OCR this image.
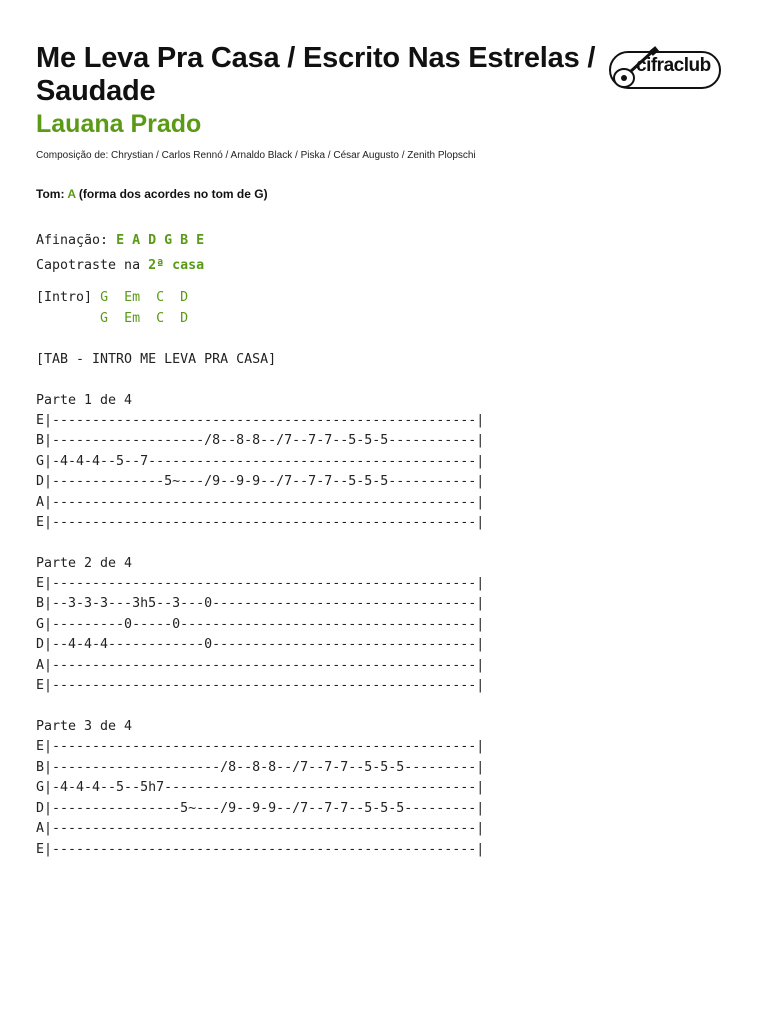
Me Leva Pra Casa / Escrito Nas Estrelas / Saudade
cifraclub
Lauana Prado
Composição de: Chrystian / Carlos Rennó / Arnaldo Black / Piska / César Augusto / Zenith Plopschi
Tom: A (forma dos acordes no tom de G)
Afinação: E A D G B E
Capotraste na 2ª casa
[Intro] G Em C D
G Em C D
[TAB - INTRO ME LEVA PRA CASA]
Parte 1 de 4
E|-----------------------------------------------------|
B|-------------------/8--8-8--/7--7-7--5-5-5-----------|
G|-4-4-4--5--7-----------------------------------------|
D|--------------5~---/9--9-9--/7--7-7--5-5-5-----------|
A|-----------------------------------------------------|
E|-----------------------------------------------------|
Parte 2 de 4
E|-----------------------------------------------------|
B|--3-3-3---3h5--3---0---------------------------------|
G|---------0-----0-------------------------------------|
D|--4-4-4------------0---------------------------------|
A|-----------------------------------------------------|
E|-----------------------------------------------------|
Parte 3 de 4
E|-----------------------------------------------------|
B|---------------------/8--8-8--/7--7-7--5-5-5---------|
G|-4-4-4--5--5h7---------------------------------------|
D|----------------5~---/9--9-9--/7--7-7--5-5-5---------|
A|-----------------------------------------------------|
E|-----------------------------------------------------|
